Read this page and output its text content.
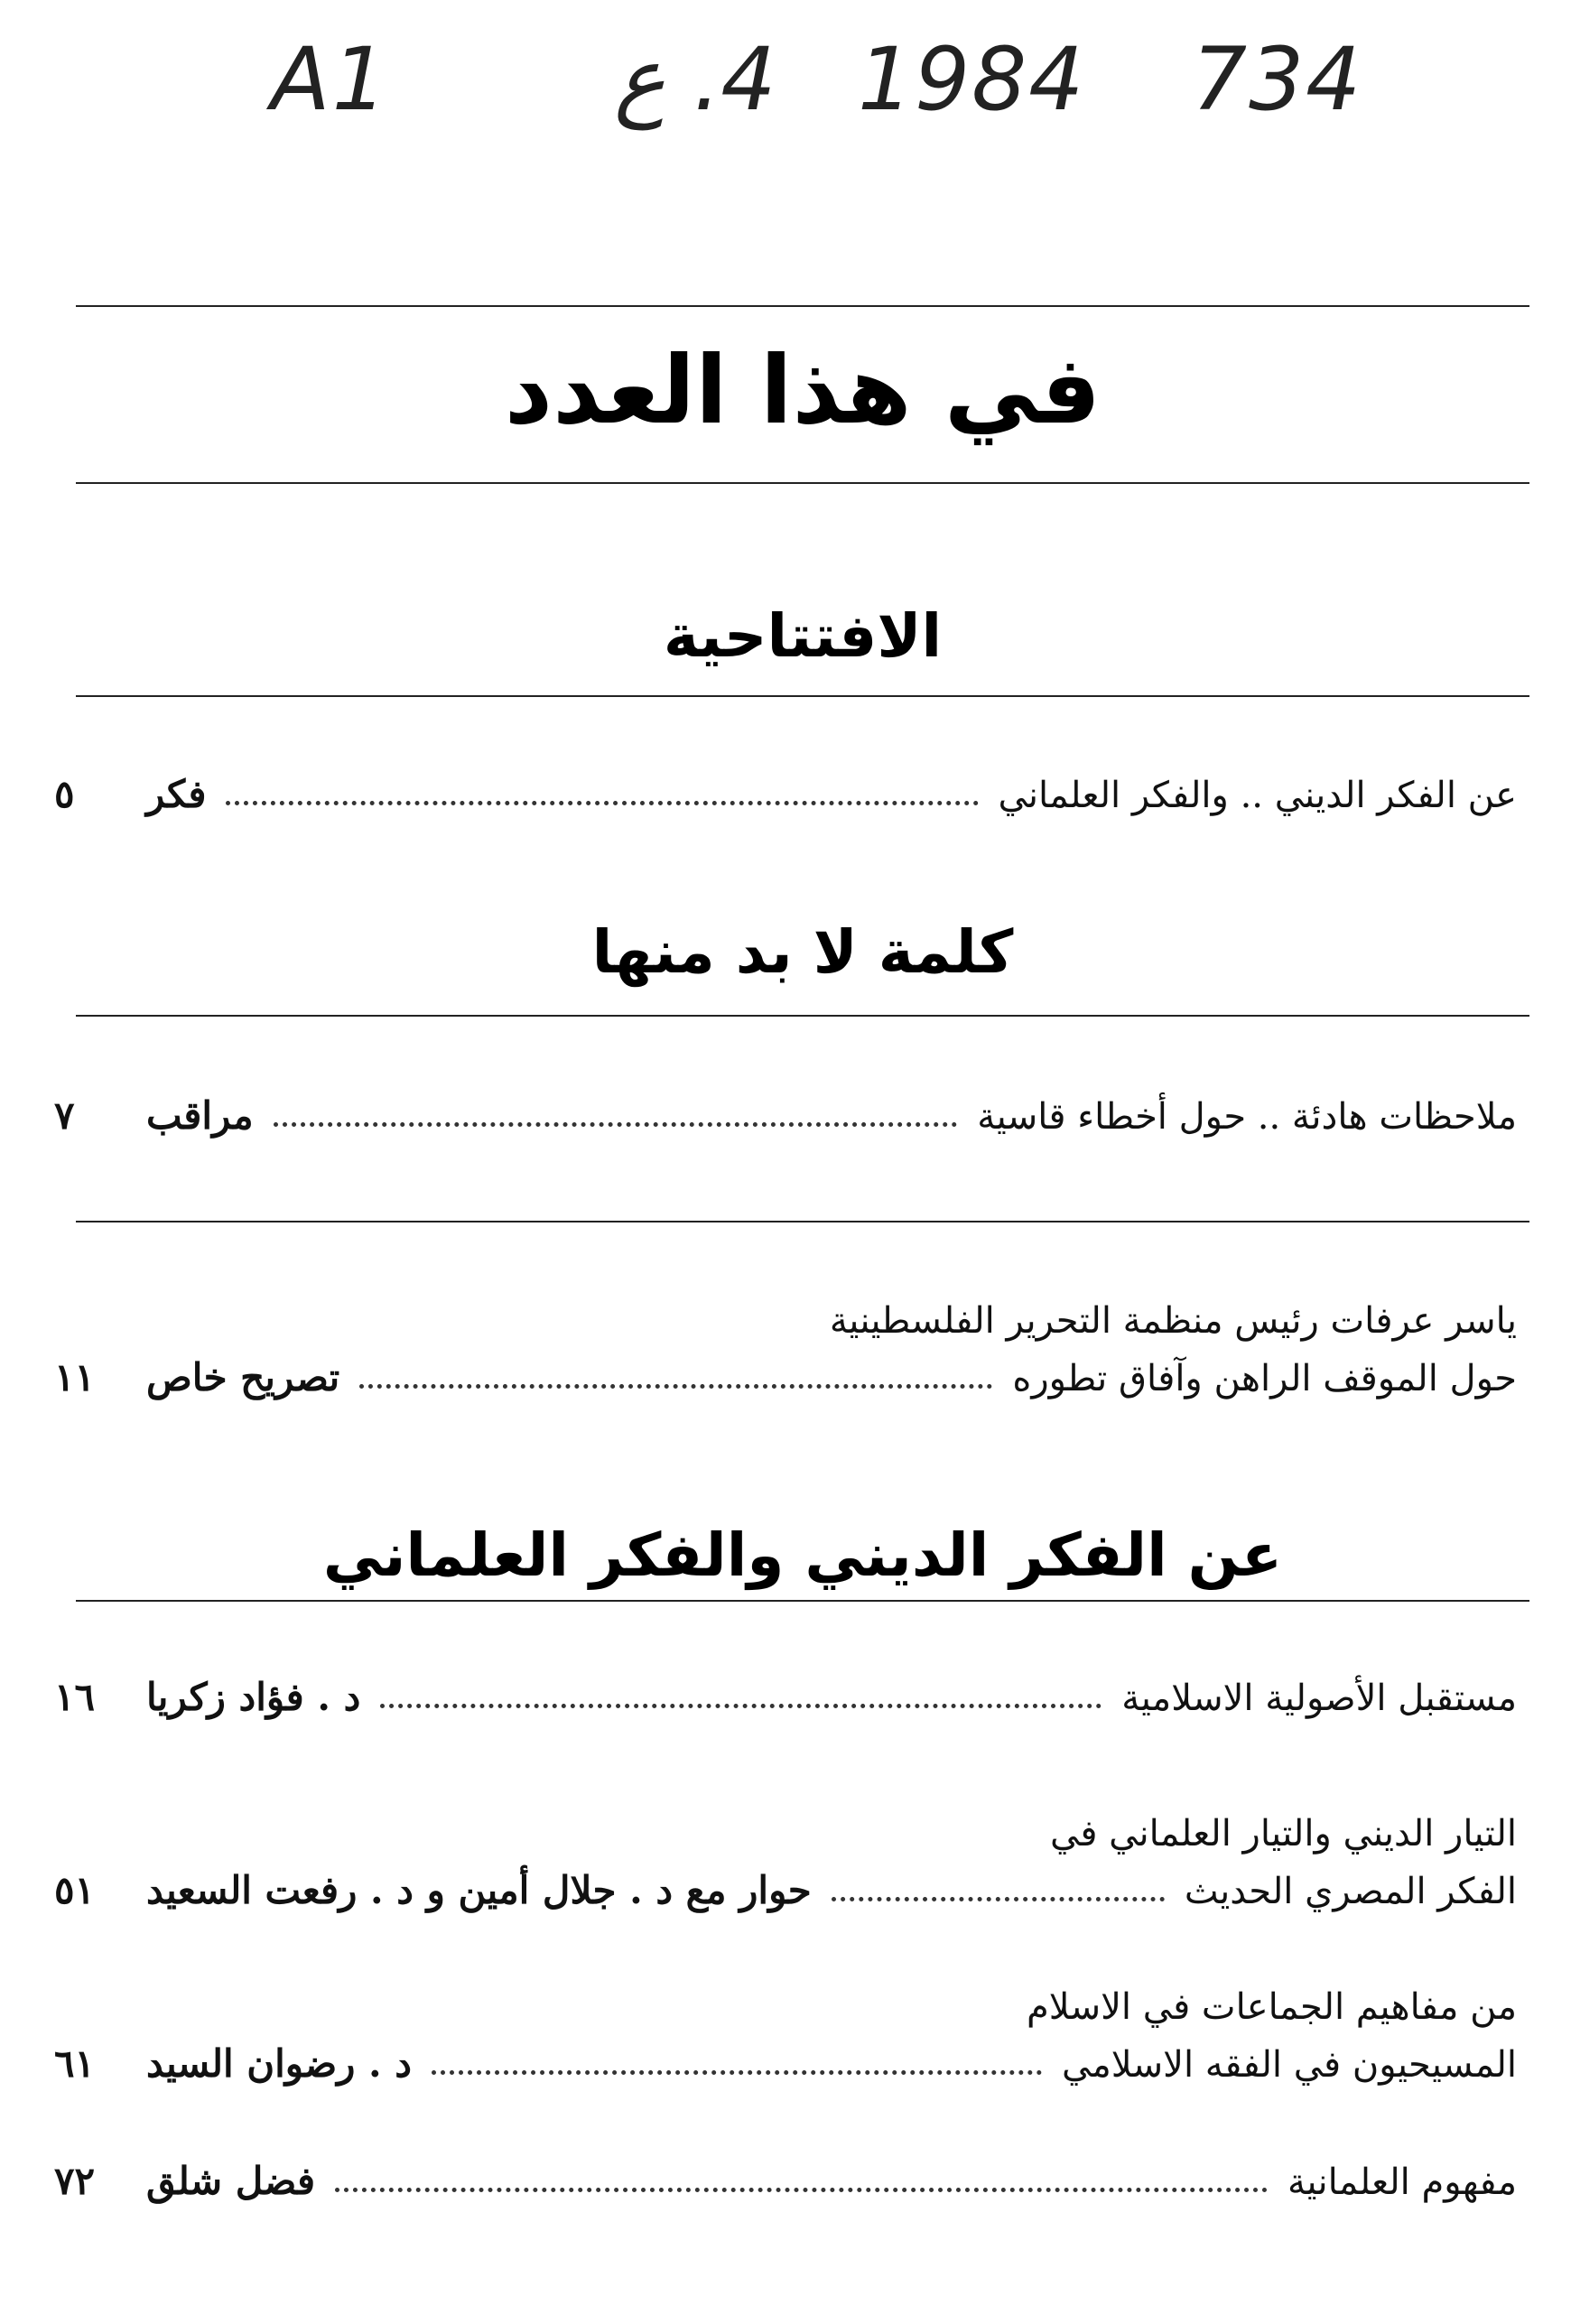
A1	4. ع 1984 734
في هذا العدد
الافتتاحية
عن الفكر الديني .. والفكر العلماني
فكر
٥
كلمة لا بد منها
ملاحظات هادئة .. حول أخطاء قاسية
مراقب
٧
ياسر عرفات رئيس منظمة التحرير الفلسطينية
حول الموقف الراهن وآفاق تطوره
تصريح خاص
١١
عن الفكر الديني والفكر العلماني
مستقبل الأصولية الاسلامية
د . فؤاد زكريا
١٦
التيار الديني والتيار العلماني في
الفكر المصري الحديث
حوار مع د . جلال أمين و د . رفعت السعيد
٥١
من مفاهيم الجماعات في الاسلام
المسيحيون في الفقه الاسلامي
د . رضوان السيد
٦١
مفهوم العلمانية
فضل شلق
٧٢
